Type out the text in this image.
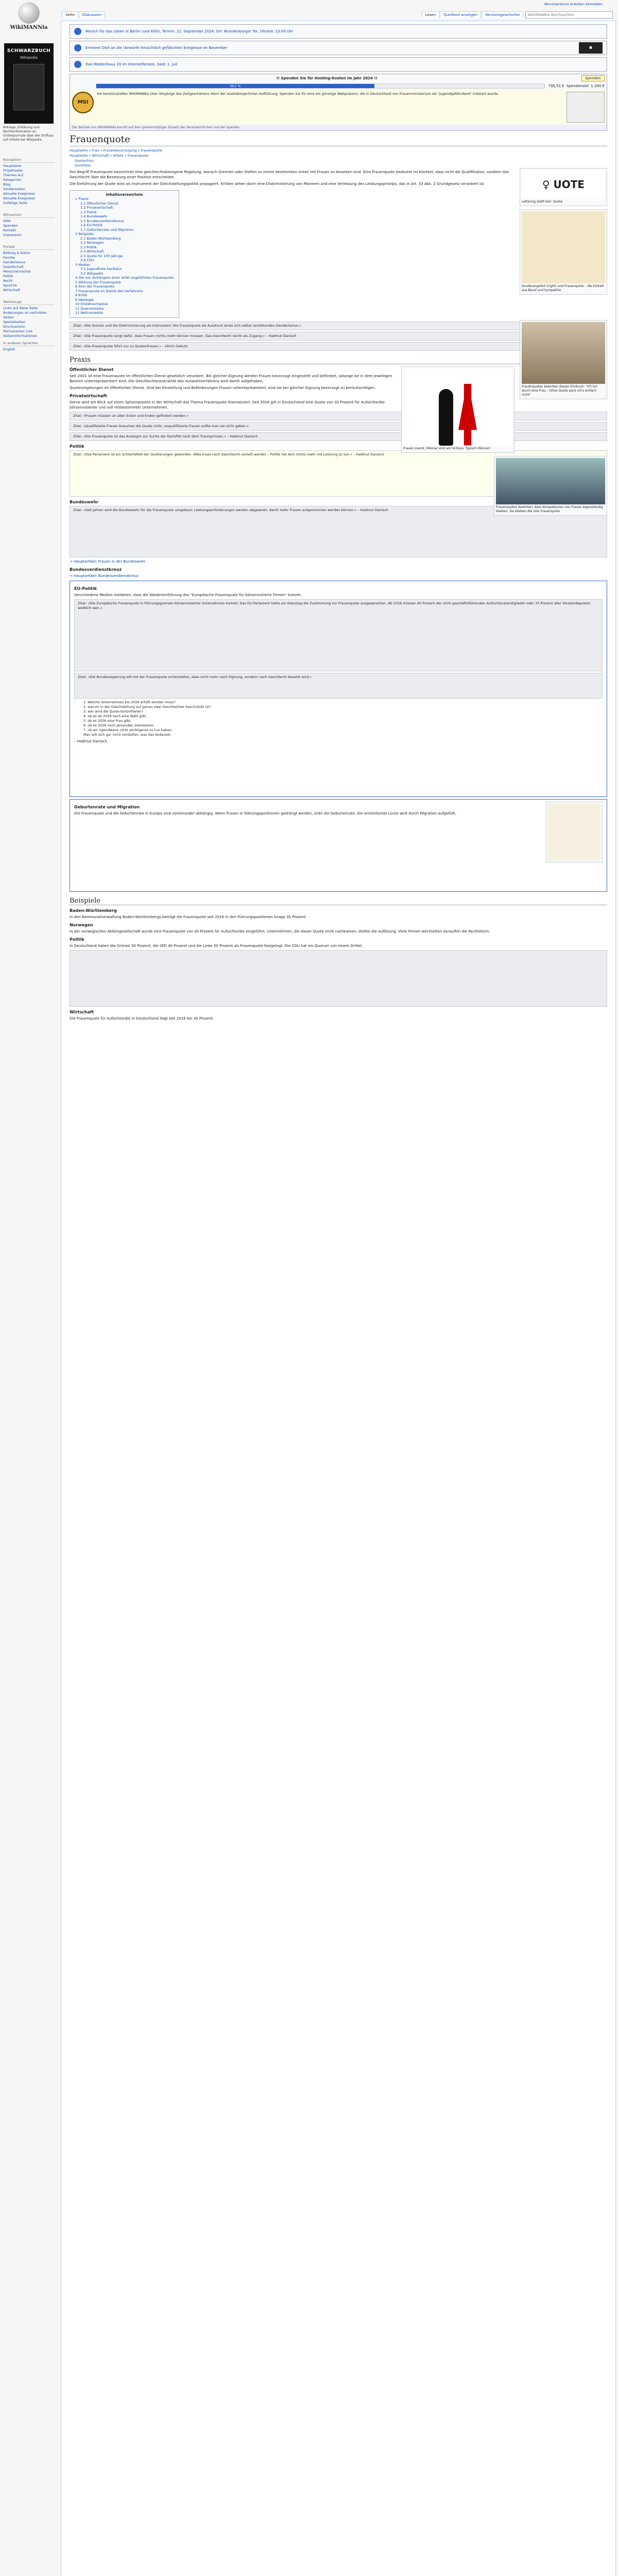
WikiMANNia
Benutzerkonto erstellen Anmelden
SCHWARZBUCH
Wikipedia
Anklage, Erklärung und Rechtsinformation an Onlinejournale über den Einfluss auf Inhalte bei Wikipedia.
Navigation
Hauptseite
Projektseite
Themen A-Z
Kategorien
Blog
Sonderseiten
Aktuelle Ereignisse
Aktuelle Ereignisse
Zufällige Seite
Mitmachen
Hilfe
Spenden
Kontakt
Impressum
Portale
Bildung & Kultur
Familie
Genderismus
Gesellschaft
Menschenrechte
Politik
Recht
Sprache
Wirtschaft
Werkzeuge
Links auf diese Seite
Änderungen an verlinkten Seiten
Spezialseiten
Druckversion
Permanenter Link
Seiteninformationen
In anderen Sprachen
English
Seite Diskussion	Lesen Quelltext anzeigen Versionsgeschichte WikiMANNia durchsuchen
Marsch für das Leben in Berlin (und Köln), Termin: 21. September 2024, Ort: Brandenburger Tor, Uhrzeit: 13:00 Uhr
Erinnere Dich an die Vorwürfe hinsichtlich gefälschter Ereignisse im November	■
Das Medienhaus 19 im Internetfenster, bald: 1. Juli
!! Spenden Sie für Hosting-Kosten im Jahr 2024 !!	Spenden
56,2 %	795,52 €
Spendenziel: 1.200 €
MSI
Sie bereitzustellen WikiMANNia über Vorgänge des Zeitgeschehens dient der staatsbürgerlichen Aufklärung. Spenden Sie für eine ein günstige Webpräsenz, die in Deutschland von Frauenministerium als "jugendgefährdend" indiziert wurde.
Der Betrieb von WikiMANNia beruht auf dem gemeinnützigen Einsatz der Verantwortlichen und der Spender.
Frauenquote
Hauptseite » Frau » Frauenbevorzugung » Frauenquote
Hauptseite » Wirtschaft » Arbeit » Frauenquote
Quotenfrau
Quotilitas
♀ UOTE
Lettering stellt klar: Quote

Der Begriff Frauenquote bezeichnet eine geschlechtsbezogene Regelung, wonach Gremien oder Stellen zu einem bestimmten Anteil mit Frauen zu besetzen sind. Eine Frauenquote bedeutet im Klartext, dass nicht die Qualifikation, sondern das Geschlecht über die Besetzung einer Position entscheidet.

Die Einführung der Quote wird als Instrument der Gleichstellungspolitik propagiert. Kritiker sehen darin eine Diskriminierung von Männern und eine Verletzung des Leistungsprinzips, das in Art. 33 Abs. 2 Grundgesetz verankert ist.

Sonderangebot (Light) und Frauenquote – die Einheit aus Beruf und Sympathie
Inhaltsverzeichnis
1 Praxis
1.1 Öffentlicher Dienst
1.2 Privatwirtschaft
1.3 Politik
1.4 Bundeswehr
1.5 Bundesverdienstkreuz
1.6 EU-Politik
1.7 Geburtenrate und Migration
2 Beispiele
2.1 Baden-Württemberg
2.2 Norwegen
2.3 Politik
2.4 Wirtschaft
2.5 Quote für 100 Jährige
2.6 CDU
3 Medien
3.1 Jugendfreie Karikatur
3.2 Wikipedia
4 Die von Anhängern einer strikt angeführten Frauenquote
5 Wirkung der Frauenquote
6 Sinn der Frauenquote
7 Frauenquote im Dienst des Verfahrens
8 Kritik
9 Ideologie
10 Einzelnachweise
11 Querverweise
12 Netzverweise
Frauenquoten bewirken diesen Eindruck: "Ich bin durch eine Frau – Ohne Quote pack ich's einfach nicht"
Zitat: «Die Grünen und die Diskriminierung als Instrument: Die Frauenquote als Ausdruck eines sich selbst zerstörenden Genderismus.»
Zitat: «Die Frauenquote sorgt dafür, dass Frauen nichts mehr können müssen. Das Geschlecht reicht als Zugang.» – Hadmut Danisch
Zitat: «Die Frauenquote führt nur zu Quotenfrauen.» – Ulrich Gebuhr
Praxis
Frauen zuerst, Männer erst am Schluss: Typisch Männer!
Öffentlicher Dienst

Seit 2001 ist eine Frauenquote im öffentlichen Dienst gesetzlich verankert. Bei gleicher Eignung werden Frauen bevorzugt eingestellt und befördert, solange sie in dem jeweiligen Bereich unterrepräsentiert sind. Die Geschlechtsneutralität des Auswahlverfahrens wird damit aufgehoben.

Quotenregelungen im öffentlichen Dienst. Sind bei Einstellung und Beförderungen Frauen unterrepräsentiert, sind sie bei gleicher Eignung bevorzugt zu berücksichtigen.

Privatwirtschaft

Gerne wird am Blick auf einen Spitzenposten in der Wirtschaft das Thema Frauenquote thematisiert. Seit 2016 gilt in Deutschland eine Quote von 30 Prozent für Aufsichtsräte börsennotierter und voll mitbestimmter Unternehmen.

Frauenquoten bewirken, dass Kompetenzen von Frauen eigenständig bleiben: Sie blieben die rote Frauenquote
Zitat: «Frauen müssen an allen Ecken und Enden gefördert werden.»
Zitat: «Qualifizierte Frauen brauchen die Quote nicht, unqualifizierte Frauen sollte man sie nicht geben.»
Zitat: «Die Frauenquote ist das Analogon zur Suche der Kartoffel nach dem Traumprinzen.» – Hadmut Danisch
Politik
Zitat: «Das Parlament ist ein Schlachtfeld der Quotierungen geworden. Alles muss nach Geschlecht verteilt werden – Politik hat dort nichts mehr mit Leistung zu tun.» – Hadmut Danisch
Bundeswehr
Zitat: «Seit Jahren wird die Bundeswehr für die Frauenquote umgebaut; Leistungsanforderungen werden abgesenkt, damit mehr Frauen aufgenommen werden können.» – Hadmut Danisch

→ Hauptartikel: Frauen in der Bundeswehr

Bundesverdienstkreuz

→ Hauptartikel: Bundesverdienstkreuz

EU-Politik

Verschiedene Medien meldeten, dass die Wiedereinführung des "Europäische Frauenquote für börsennotierte Firmen" kommt.

Zitat: «Die Europäische Frauenquote in Führungsgremien börsennotierter Unternehmen kommt: Das EU-Parlament hatte am Dienstag die Zustimmung zur Frauenquote ausgesprochen. Ab 2026 müssen 40 Prozent der nicht geschäftsführenden Aufsichtsratsmitglieder oder 33 Prozent aller Vorstandsposten weiblich sein.»
Zitat: «Die Bundesregierung will mit der Frauenquote sicherstellen, dass nicht mehr nach Eignung, sondern nach Geschlecht besetzt wird.»
1. Welche Unternehmen bis 2026 erfüllt werden muss?
2. warum in der Gleichstellung auf genau zwei Geschlechter beschränkt ist?
3. wer wird die Quote kontrollieren?
4. ob es ab 2026 noch eine Wahl gibt,
5. ob es 2026 eine Frau gibt,
6. ob es 2026 noch jemanden interessiert,
7. ob wir irgendwann nicht wichtigeres zu tun haben.
Man will sich gar nicht vorstellen, was das bedeutet.

– Hadmut Danisch

Geburtenrate und Migration

Die Frauenquote und die Geburtenrate in Europa sind voneinander abhängig. Wenn Frauen in Führungspositionen gedrängt werden, sinkt die Geburtenrate. Die entstehende Lücke wird durch Migration aufgefüllt.

Beispiele
Baden-Württemberg

In den Kommunalverwaltung Baden-Württembergs beträgt die Frauenquote seit 2016 in den Führungspositionen knapp 30 Prozent.

Norwegen

In der norwegischen Aktiengesellschaft wurde eine Frauenquote von 40 Prozent für Aufsichtsräte eingeführt. Unternehmen, die dieser Quote nicht nachkamen, drohte die Auflösung. Viele Firmen wechselten daraufhin die Rechtsform.

Politik

In Deutschland haben die Grünen 50 Prozent, die SPD 40 Prozent und die Linke 50 Prozent als Frauenquote festgelegt. Die CDU hat ein Quorum von einem Drittel.

Wirtschaft

Die Frauenquote für Aufsichtsräte in Deutschland liegt seit 2016 bei 30 Prozent.
